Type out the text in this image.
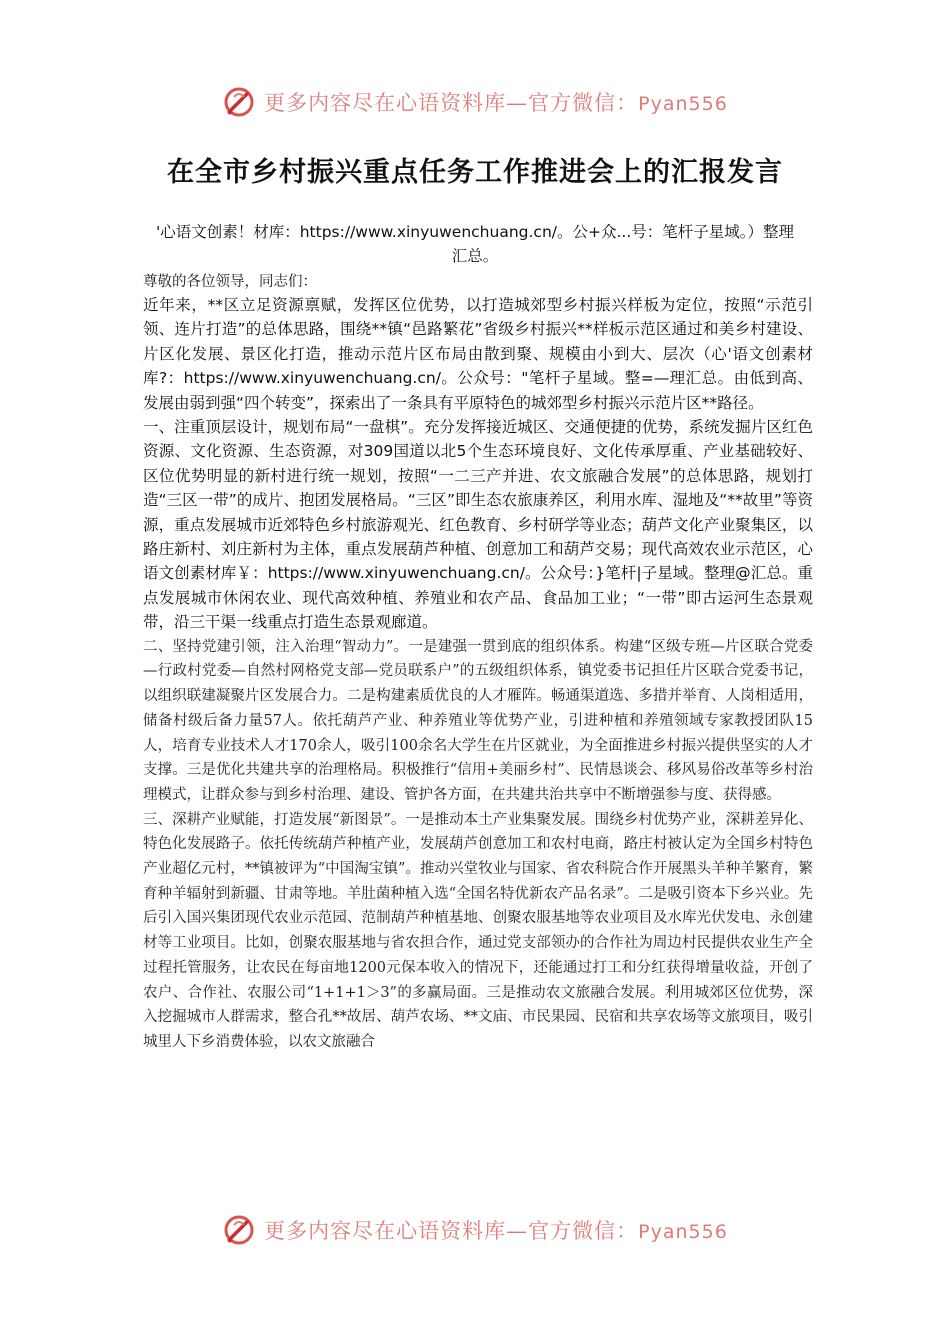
更多内容尽在心语资料库—官方微信：Pyan556
在全市乡村振兴重点任务工作推进会上的汇报发言
'心语文创素！材库：https://www.xinyuwenchuang.cn/。公+众...号：笔杆子星域。）整理汇总。

尊敬的各位领导，同志们：

近年来，**区立足资源禀赋，发挥区位优势，以打造城郊型乡村振兴样板为定位，按照“示范引领、连片打造”的总体思路，围绕**镇“邑路繁花”省级乡村振兴**样板示范区通过和美乡村建设、片区化发展、景区化打造，推动示范片区布局由散到聚、规模由小到大、层次（心'语文创素材库?：https://www.xinyuwenchuang.cn/。公众号："笔杆子星域。整=—理汇总。由低到高、发展由弱到强“四个转变”，探索出了一条具有平原特色的城郊型乡村振兴示范片区**路径。

一、注重顶层设计，规划布局“一盘棋”。充分发挥接近城区、交通便捷的优势，系统发掘片区红色资源、文化资源、生态资源，对309国道以北5个生态环境良好、文化传承厚重、产业基础较好、区位优势明显的新村进行统一规划，按照“一二三产并进、农文旅融合发展”的总体思路，规划打造“三区一带”的成片、抱团发展格局。“三区”即生态农旅康养区，利用水库、湿地及“**故里”等资源，重点发展城市近郊特色乡村旅游观光、红色教育、乡村研学等业态；葫芦文化产业聚集区，以路庄新村、刘庄新村为主体，重点发展葫芦种植、创意加工和葫芦交易；现代高效农业示范区，心语文创素材库￥：https://www.xinyuwenchuang.cn/。公众号：}笔杆|子星域。整理@汇总。重点发展城市休闲农业、现代高效种植、养殖业和农产品、食品加工业；“一带”即古运河生态景观带，沿三干渠一线重点打造生态景观廊道。

二、坚持党建引领，注入治理“智动力”。一是建强一贯到底的组织体系。构建“区级专班—片区联合党委—行政村党委—自然村网格党支部—党员联系户”的五级组织体系，镇党委书记担任片区联合党委书记，以组织联建凝聚片区发展合力。二是构建素质优良的人才雁阵。畅通渠道选、多措并举育、人岗相适用，储备村级后备力量57人。依托葫芦产业、种养殖业等优势产业，引进种植和养殖领域专家教授团队15人，培育专业技术人才170余人，吸引100余名大学生在片区就业，为全面推进乡村振兴提供坚实的人才支撑。三是优化共建共享的治理格局。积极推行“信用+美丽乡村”、民情恳谈会、移风易俗改革等乡村治理模式，让群众参与到乡村治理、建设、管护各方面，在共建共治共享中不断增强参与度、获得感。

三、深耕产业赋能，打造发展“新图景”。一是推动本土产业集聚发展。围绕乡村优势产业，深耕差异化、特色化发展路子。依托传统葫芦种植产业，发展葫芦创意加工和农村电商，路庄村被认定为全国乡村特色产业超亿元村，**镇被评为“中国淘宝镇”。推动兴堂牧业与国家、省农科院合作开展黑头羊种羊繁育，繁育种羊辐射到新疆、甘肃等地。羊肚菌种植入选“全国名特优新农产品名录”。二是吸引资本下乡兴业。先后引入国兴集团现代农业示范园、范制葫芦种植基地、创聚农服基地等农业项目及水库光伏发电、永创建材等工业项目。比如，创聚农服基地与省农担合作，通过党支部领办的合作社为周边村民提供农业生产全过程托管服务，让农民在每亩地1200元保本收入的情况下，还能通过打工和分红获得增量收益，开创了农户、合作社、农服公司“1+1+1＞3”的多赢局面。三是推动农文旅融合发展。利用城郊区位优势，深入挖掘城市人群需求，整合孔**故居、葫芦农场、**文庙、市民果园、民宿和共享农场等文旅项目，吸引城里人下乡消费体验，以农文旅融合

更多内容尽在心语资料库—官方微信：Pyan556
